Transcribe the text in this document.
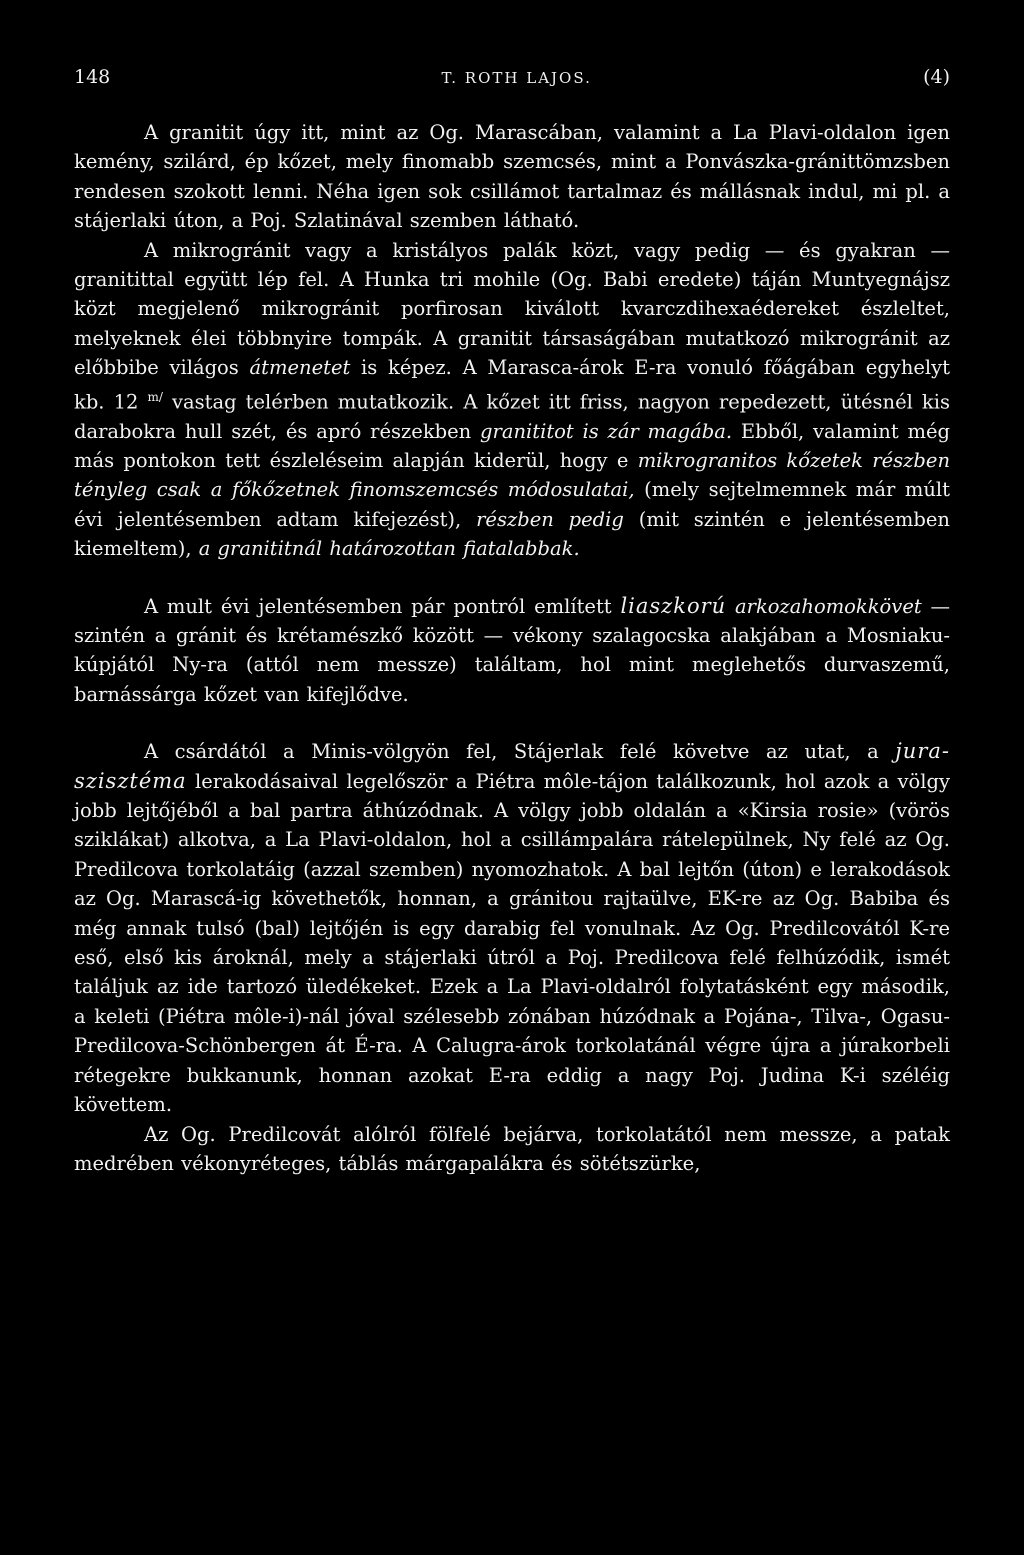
148	T. ROTH LAJOS.	(4)

A granitit úgy itt, mint az Og. Marascában, valamint a La Plavi-oldalon igen kemény, szilárd, ép kőzet, mely finomabb szemcsés, mint a Ponvászka-gránittömzsben rendesen szokott lenni. Néha igen sok csillámot tartalmaz és mállásnak indul, mi pl. a stájerlaki úton, a Poj. Szlatinával szemben látható.

A mikrogránit vagy a kristályos palák közt, vagy pedig — és gyakran — granitittal együtt lép fel. A Hunka tri mohile (Og. Babi eredete) táján Muntyegnájsz közt megjelenő mikrogránit porfirosan kiválott kvarczdihexaédereket észleltet, melyeknek élei többnyire tompák. A granitit társaságában mutatkozó mikrogránit az előbbibe világos átmenetet is képez. A Marasca-árok E-ra vonuló főágában egyhelyt kb. 12 $^{m/}$ vastag telérben mutatkozik. A kőzet itt friss, nagyon repedezett, ütésnél kis darabokra hull szét, és apró részekben granititot is zár magába. Ebből, valamint még más pontokon tett észleléseim alapján kiderül, hogy e mikrogranitos kőzetek részben tényleg csak a főkőzetnek finomszemcsés módosulatai, (mely sejtelmemnek már múlt évi jelentésemben adtam kifejezést), részben pedig (mit szintén e jelentésemben kiemeltem), a granititnál határozottan fiatalabbak.

A mult évi jelentésemben pár pontról említett liaszkorú arkozahomokkövet — szintén a gránit és krétamészkő között — vékony szalagocska alakjában a Mosniaku-kúpjától Ny-ra (attól nem messze) találtam, hol mint meglehetős durvaszemű, barnássárga kőzet van kifejlődve.

A csárdától a Minis-völgyön fel, Stájerlak felé követve az utat, a jura-szisztéma lerakodásaival legelőször a Piétra môle-tájon találkozunk, hol azok a völgy jobb lejtőjéből a bal partra áthúzódnak. A völgy jobb oldalán a «Kirsia rosie» (vörös sziklákat) alkotva, a La Plavi-oldalon, hol a csillámpalára rátelepülnek, Ny felé az Og. Predilcova torkolatáig (azzal szemben) nyomozhatok. A bal lejtőn (úton) e lerakodások az Og. Marascá-ig követhetők, honnan, a gránitou rajtaülve, EK-re az Og. Babiba és még annak tulsó (bal) lejtőjén is egy darabig fel vonulnak. Az Og. Predilcovától K-re eső, első kis ároknál, mely a stájerlaki útról a Poj. Predilcova felé felhúzódik, ismét találjuk az ide tartozó üledékeket. Ezek a La Plavi-oldalról folytatásként egy második, a keleti (Piétra môle-i)-nál jóval szélesebb zónában húzódnak a Pojána-, Tilva-, Ogasu-Predilcova-Schönbergen át É-ra. A Calugra-árok torkolatánál végre újra a júrakorbeli rétegekre bukkanunk, honnan azokat E-ra eddig a nagy Poj. Judina K-i széléig követtem.

Az Og. Predilcovát alólról fölfelé bejárva, torkolatától nem messze, a patak medrében vékonyréteges, táblás márgapalákra és sötétszürke,
